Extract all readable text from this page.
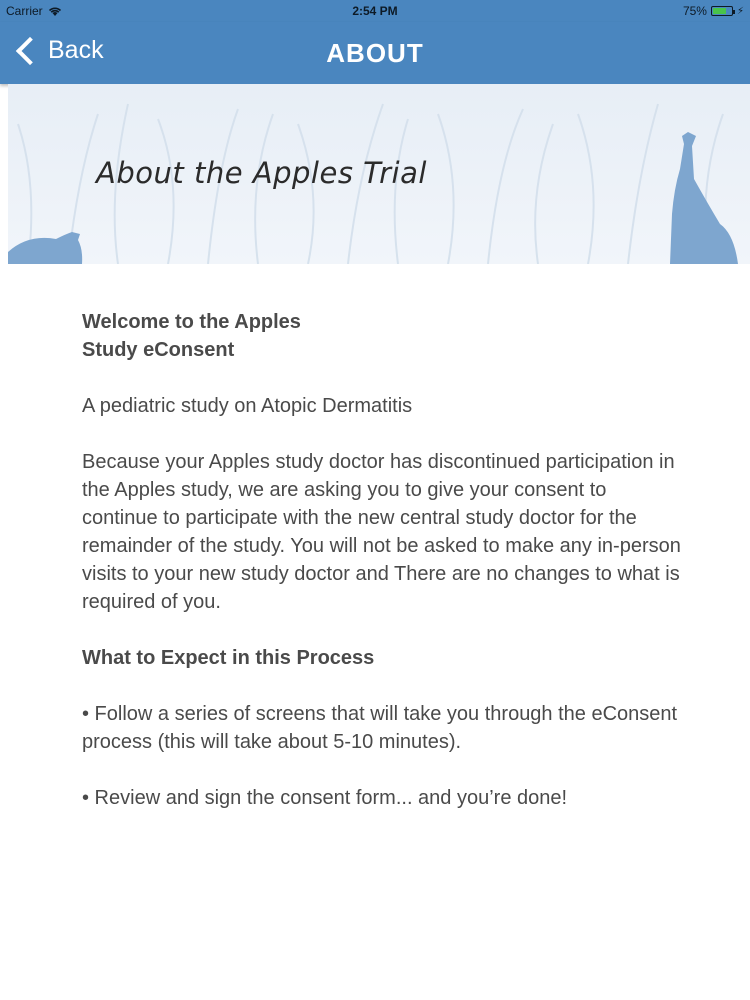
Carrier	2:54 PM	75%	⚡
Back	ABOUT
About the Apples Trial

Welcome to the Apples
Study eConsent

A pediatric study on Atopic Dermatitis

Because your Apples study doctor has discontinued participation in the Apples study, we are asking you to give your consent to continue to participate with the new central study doctor for the remainder of the study. You will not be asked to make any in-person visits to your new study doctor and There are no changes to what is required of you.

What to Expect in this Process

• Follow a series of screens that will take you through the eConsent process (this will take about 5-10 minutes).

• Review and sign the consent form... and you’re done!
